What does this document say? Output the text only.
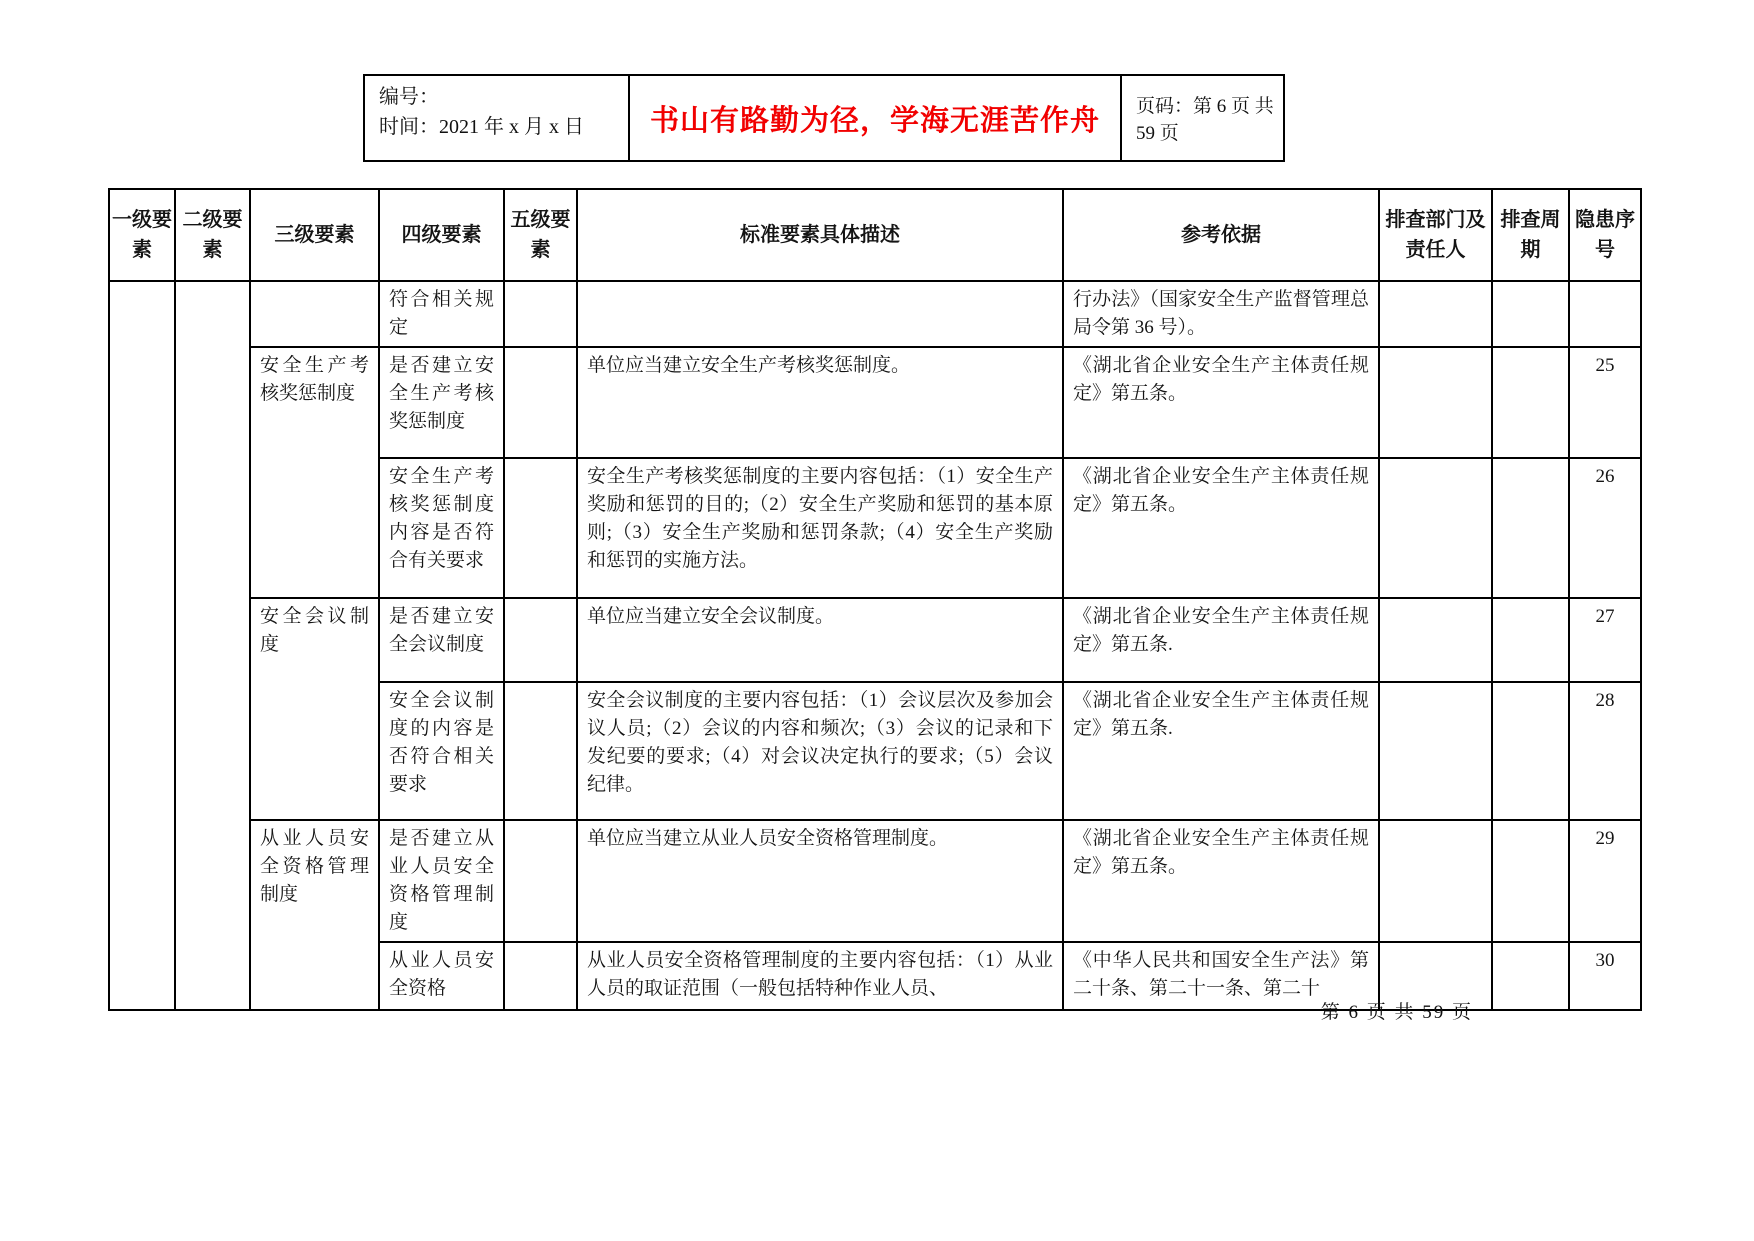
编号：
时间：2021 年 x 月 x 日	书山有路勤为径，学海无涯苦作舟 页码：第 6 页 共 59 页
一级要素	二级要素	三级要素	四级要素	五级要素	标准要素具体描述	参考依据	排查部门及责任人	排查周期	隐患序号
			符合相关规定			行办法》（国家安全生产监督管理总局令第 36 号）。			
		安全生产考核奖惩制度	是否建立安全生产考核奖惩制度		单位应当建立安全生产考核奖惩制度。	《湖北省企业安全生产主体责任规定》第五条。			25
			安全生产考核奖惩制度内容是否符合有关要求		安全生产考核奖惩制度的主要内容包括：（1）安全生产奖励和惩罚的目的;（2）安全生产奖励和惩罚的基本原则;（3）安全生产奖励和惩罚条款;（4）安全生产奖励和惩罚的实施方法。	《湖北省企业安全生产主体责任规定》第五条。			26
		安全会议制度	是否建立安全会议制度		单位应当建立安全会议制度。	《湖北省企业安全生产主体责任规定》第五条.			27
			安全会议制度的内容是否符合相关要求		安全会议制度的主要内容包括：（1）会议层次及参加会议人员;（2）会议的内容和频次;（3）会议的记录和下发纪要的要求;（4）对会议决定执行的要求;（5）会议纪律。	《湖北省企业安全生产主体责任规定》第五条.			28
		从业人员安全资格管理制度	是否建立从业人员安全资格管理制度		单位应当建立从业人员安全资格管理制度。	《湖北省企业安全生产主体责任规定》第五条。			29
			从业人员安全资格		从业人员安全资格管理制度的主要内容包括：（1）从业人员的取证范围（一般包括特种作业人员、	《中华人民共和国安全生产法》第二十条、第二十一条、第二十			30
第 6 页 共 59 页
